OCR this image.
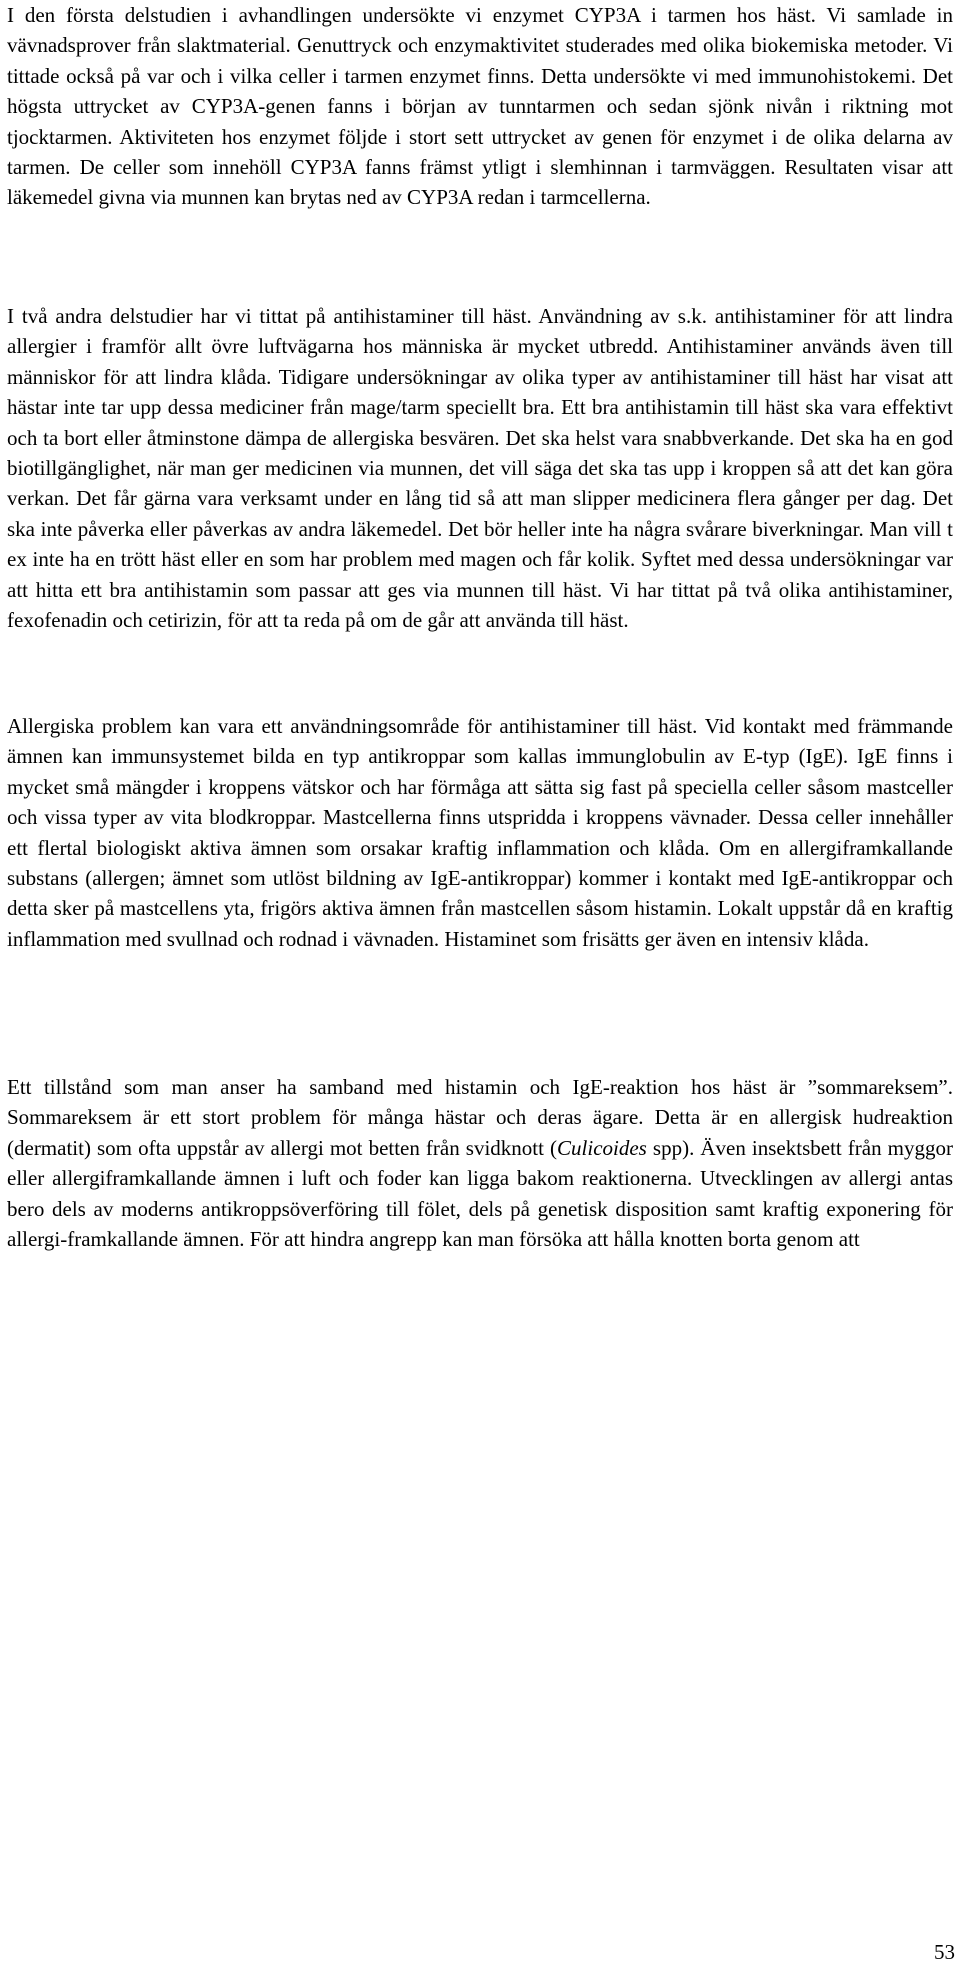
I den första delstudien i avhandlingen undersökte vi enzymet CYP3A i tarmen hos häst. Vi samlade in vävnadsprover från slaktmaterial. Genuttryck och enzymaktivitet studerades med olika biokemiska metoder. Vi tittade också på var och i vilka celler i tarmen enzymet finns. Detta undersökte vi med immunohistokemi. Det högsta uttrycket av CYP3A-genen fanns i början av tunntarmen och sedan sjönk nivån i riktning mot tjocktarmen. Aktiviteten hos enzymet följde i stort sett uttrycket av genen för enzymet i de olika delarna av tarmen. De celler som innehöll CYP3A fanns främst ytligt i slemhinnan i tarmväggen. Resultaten visar att läkemedel givna via munnen kan brytas ned av CYP3A redan i tarmcellerna.

I två andra delstudier har vi tittat på antihistaminer till häst. Användning av s.k. antihistaminer för att lindra allergier i framför allt övre luftvägarna hos människa är mycket utbredd. Antihistaminer används även till människor för att lindra klåda. Tidigare undersökningar av olika typer av antihistaminer till häst har visat att hästar inte tar upp dessa mediciner från mage/tarm speciellt bra. Ett bra antihistamin till häst ska vara effektivt och ta bort eller åtminstone dämpa de allergiska besvären. Det ska helst vara snabbverkande. Det ska ha en god biotillgänglighet, när man ger medicinen via munnen, det vill säga det ska tas upp i kroppen så att det kan göra verkan. Det får gärna vara verksamt under en lång tid så att man slipper medicinera flera gånger per dag. Det ska inte påverka eller påverkas av andra läkemedel. Det bör heller inte ha några svårare biverkningar. Man vill t ex inte ha en trött häst eller en som har problem med magen och får kolik. Syftet med dessa undersökningar var att hitta ett bra antihistamin som passar att ges via munnen till häst. Vi har tittat på två olika antihistaminer, fexofenadin och cetirizin, för att ta reda på om de går att använda till häst.

Allergiska problem kan vara ett användningsområde för antihistaminer till häst. Vid kontakt med främmande ämnen kan immunsystemet bilda en typ antikroppar som kallas immunglobulin av E-typ (IgE). IgE finns i mycket små mängder i kroppens vätskor och har förmåga att sätta sig fast på speciella celler såsom mastceller och vissa typer av vita blodkroppar. Mastcellerna finns utspridda i kroppens vävnader. Dessa celler innehåller ett flertal biologiskt aktiva ämnen som orsakar kraftig inflammation och klåda. Om en allergiframkallande substans (allergen; ämnet som utlöst bildning av IgE-antikroppar) kommer i kontakt med IgE-antikroppar och detta sker på mastcellens yta, frigörs aktiva ämnen från mastcellen såsom histamin. Lokalt uppstår då en kraftig inflammation med svullnad och rodnad i vävnaden. Histaminet som frisätts ger även en intensiv klåda.

Ett tillstånd som man anser ha samband med histamin och IgE-reaktion hos häst är ”sommareksem”. Sommareksem är ett stort problem för många hästar och deras ägare. Detta är en allergisk hudreaktion (dermatit) som ofta uppstår av allergi mot betten från svidknott (Culicoides spp). Även insektsbett från myggor eller allergiframkallande ämnen i luft och foder kan ligga bakom reaktionerna. Utvecklingen av allergi antas bero dels av moderns antikroppsöverföring till fölet, dels på genetisk disposition samt kraftig exponering för allergi-framkallande ämnen. För att hindra angrepp kan man försöka att hålla knotten borta genom att

53
